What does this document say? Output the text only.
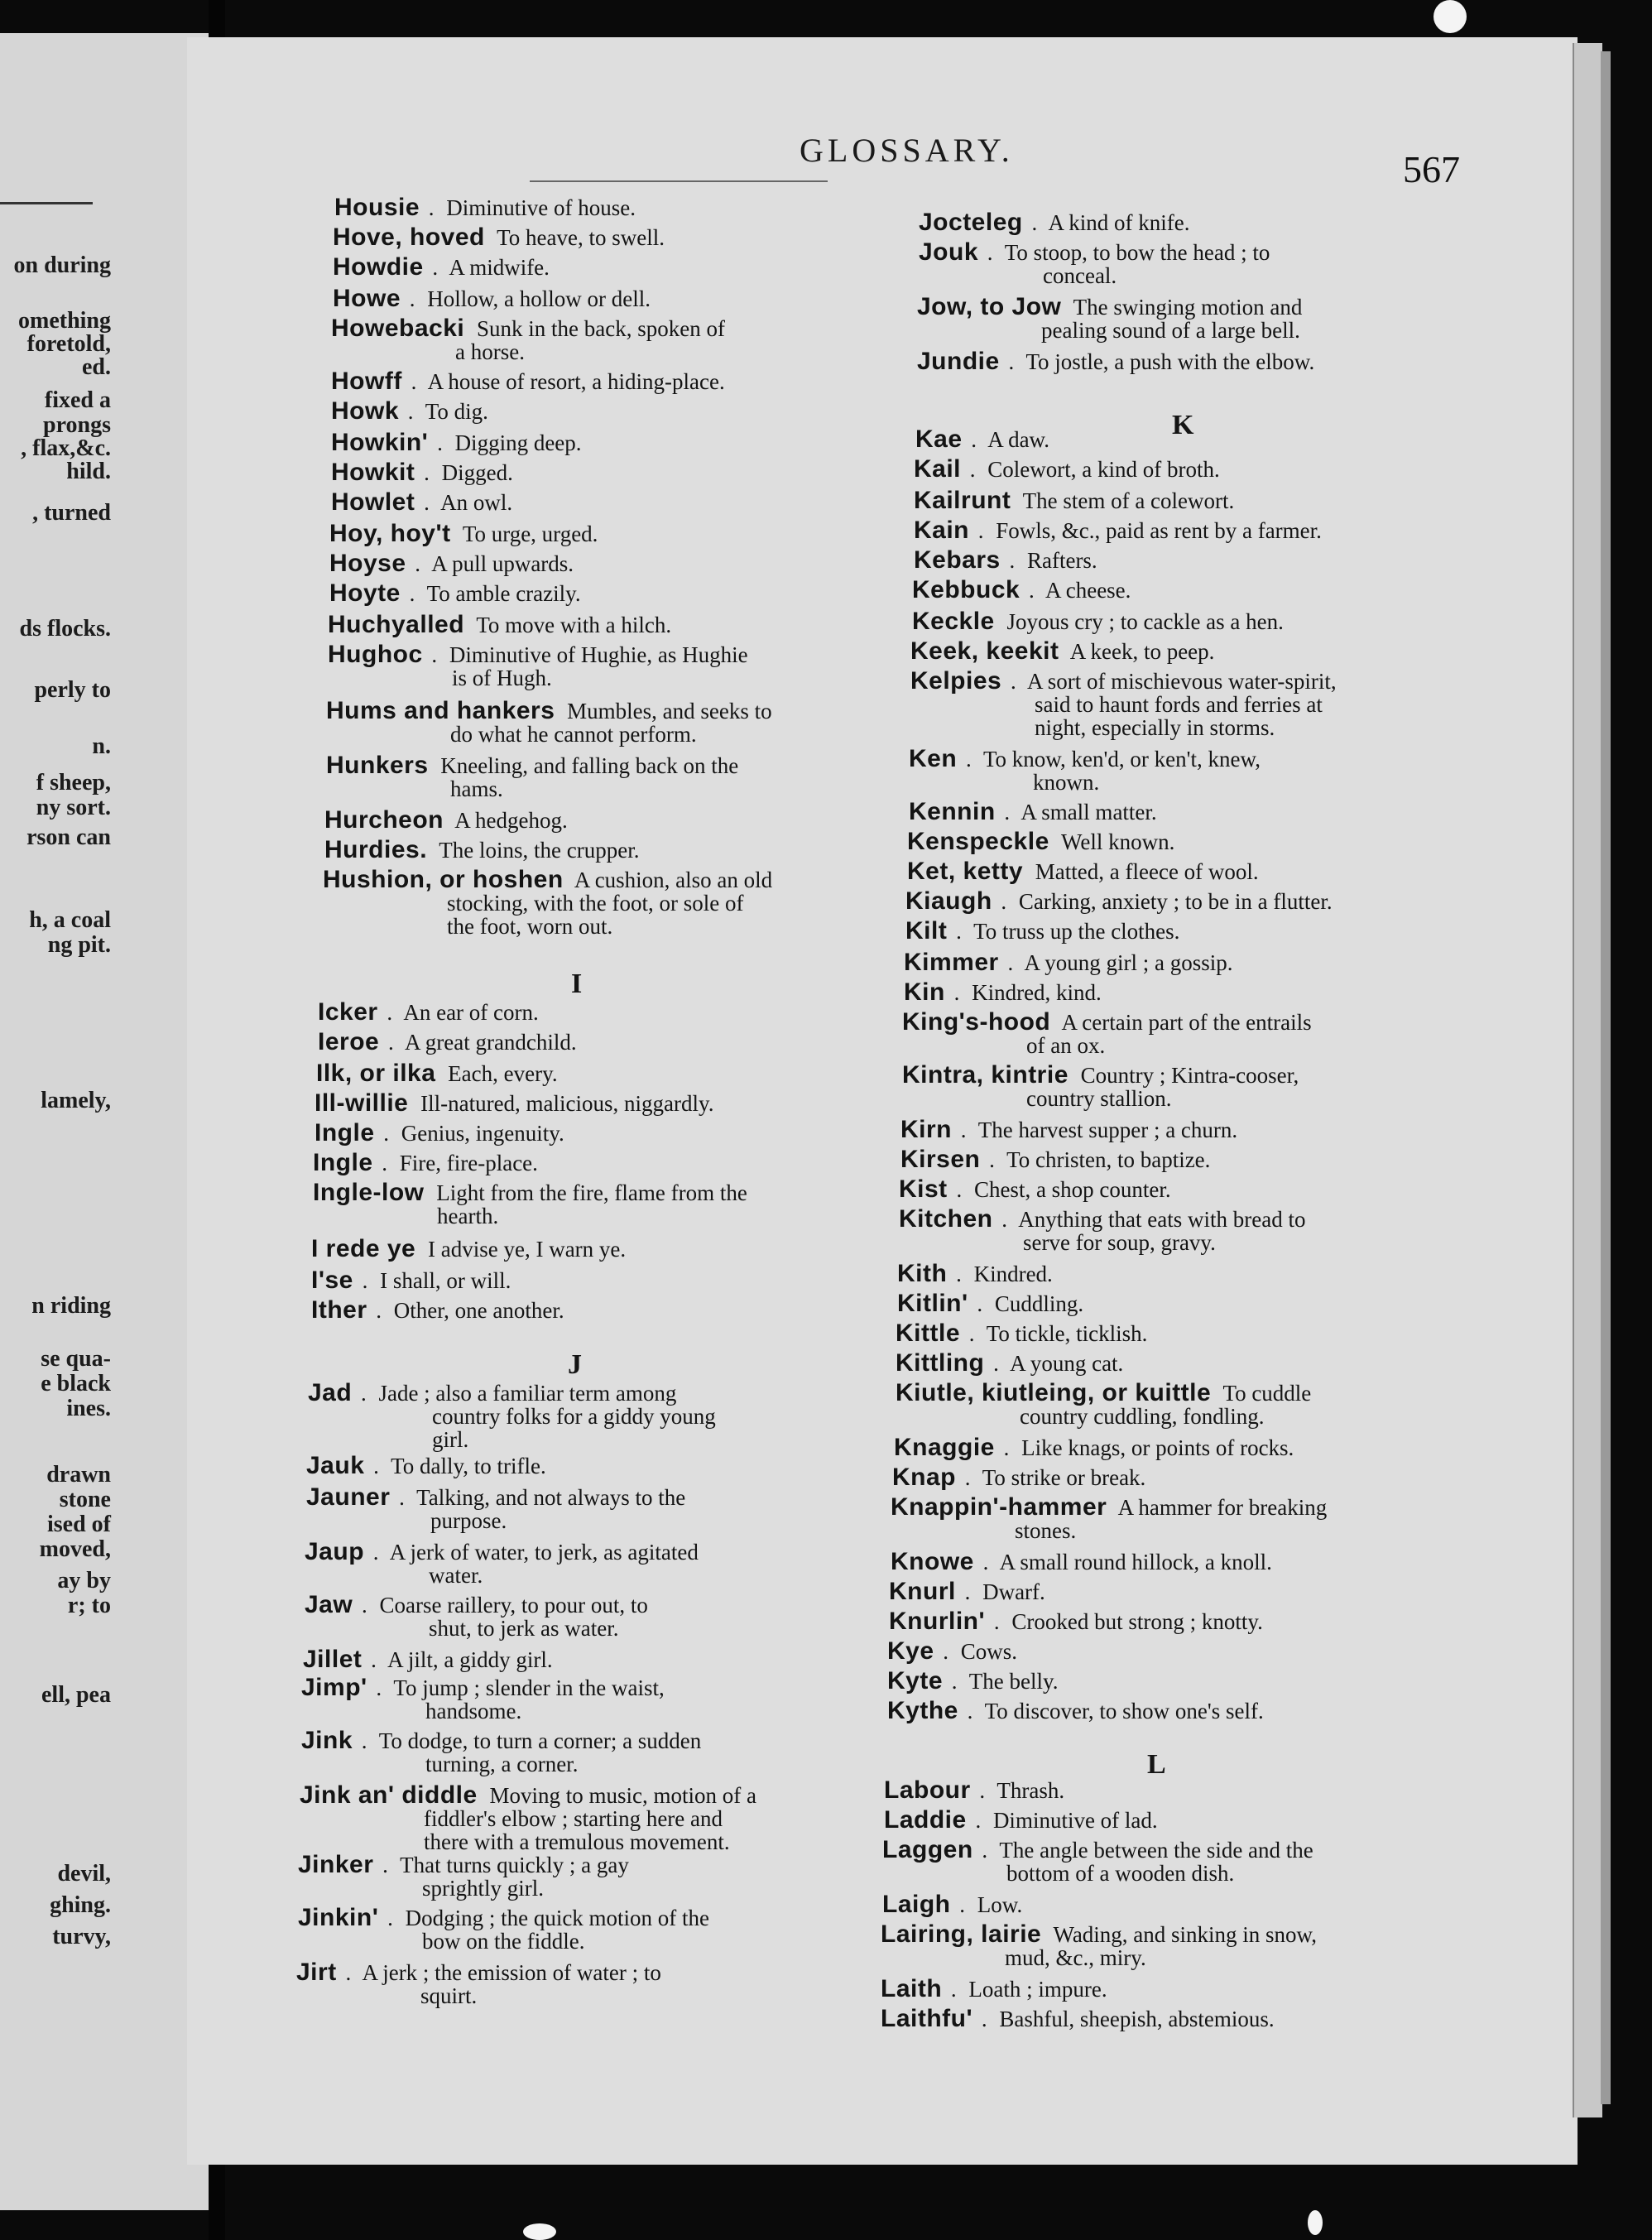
on during
omething
foretold,
ed.
fixed a
prongs
, flax,&c.
hild.
, turned
ds flocks.
perly to
n.
f sheep,
ny sort.
rson can
h, a coal
ng pit.
lamely,
n riding
se qua-
e black
ines.
drawn
stone
ised of
moved,
ay by
r; to
ell, pea
devil,
ghing.
turvy,
GLOSSARY.	567
Housie . Diminutive of house.
Hove, hoved To heave, to swell.
Howdie . A midwife.
Howe . Hollow, a hollow or dell.
Howebacki Sunk in the back, spoken of
a horse.
Howff . A house of resort, a hiding-place.
Howk . To dig.
Howkin' . Digging deep.
Howkit . Digged.
Howlet . An owl.
Hoy, hoy't To urge, urged.
Hoyse . A pull upwards.
Hoyte . To amble crazily.
Huchyalled To move with a hilch.
Hughoc . Diminutive of Hughie, as Hughie
is of Hugh.
Hums and hankers Mumbles, and seeks to
do what he cannot perform.
Hunkers Kneeling, and falling back on the
hams.
Hurcheon A hedgehog.
Hurdies. The loins, the crupper.
Hushion, or hoshen A cushion, also an old
stocking, with the foot, or sole of
the foot, worn out.
I
Icker . An ear of corn.
Ieroe . A great grandchild.
Ilk, or ilka Each, every.
Ill-willie Ill-natured, malicious, niggardly.
Ingle . Genius, ingenuity.
Ingle . Fire, fire-place.
Ingle-low Light from the fire, flame from the
hearth.
I rede ye I advise ye, I warn ye.
I'se . I shall, or will.
Ither . Other, one another.
J
Jad . Jade ; also a familiar term among
country folks for a giddy young
girl.
Jauk . To dally, to trifle.
Jauner . Talking, and not always to the
purpose.
Jaup . A jerk of water, to jerk, as agitated
water.
Jaw . Coarse raillery, to pour out, to
shut, to jerk as water.
Jillet . A jilt, a giddy girl.
Jimp' . To jump ; slender in the waist,
handsome.
Jink . To dodge, to turn a corner; a sudden
turning, a corner.
Jink an' diddle Moving to music, motion of a
fiddler's elbow ; starting here and
there with a tremulous movement.
Jinker . That turns quickly ; a gay
sprightly girl.
Jinkin' . Dodging ; the quick motion of the
bow on the fiddle.
Jirt . A jerk ; the emission of water ; to
squirt.
Jocteleg . A kind of knife.
Jouk . To stoop, to bow the head ; to
conceal.
Jow, to Jow The swinging motion and
pealing sound of a large bell.
Jundie . To jostle, a push with the elbow.
K
Kae . A daw.
Kail . Colewort, a kind of broth.
Kailrunt The stem of a colewort.
Kain . Fowls, &c., paid as rent by a farmer.
Kebars . Rafters.
Kebbuck . A cheese.
Keckle Joyous cry ; to cackle as a hen.
Keek, keekit A keek, to peep.
Kelpies . A sort of mischievous water-spirit,
said to haunt fords and ferries at
night, especially in storms.
Ken . To know, ken'd, or ken't, knew,
known.
Kennin . A small matter.
Kenspeckle Well known.
Ket, ketty Matted, a fleece of wool.
Kiaugh . Carking, anxiety ; to be in a flutter.
Kilt . To truss up the clothes.
Kimmer . A young girl ; a gossip.
Kin . Kindred, kind.
King's-hood A certain part of the entrails
of an ox.
Kintra, kintrie Country ; Kintra-cooser,
country stallion.
Kirn . The harvest supper ; a churn.
Kirsen . To christen, to baptize.
Kist . Chest, a shop counter.
Kitchen . Anything that eats with bread to
serve for soup, gravy.
Kith . Kindred.
Kitlin' . Cuddling.
Kittle . To tickle, ticklish.
Kittling . A young cat.
Kiutle, kiutleing, or kuittle To cuddle
country cuddling, fondling.
Knaggie . Like knags, or points of rocks.
Knap . To strike or break.
Knappin'-hammer A hammer for breaking
stones.
Knowe . A small round hillock, a knoll.
Knurl . Dwarf.
Knurlin' . Crooked but strong ; knotty.
Kye . Cows.
Kyte . The belly.
Kythe . To discover, to show one's self.
L
Labour . Thrash.
Laddie . Diminutive of lad.
Laggen . The angle between the side and the
bottom of a wooden dish.
Laigh . Low.
Lairing, lairie Wading, and sinking in snow,
mud, &c., miry.
Laith . Loath ; impure.
Laithfu' . Bashful, sheepish, abstemious.
